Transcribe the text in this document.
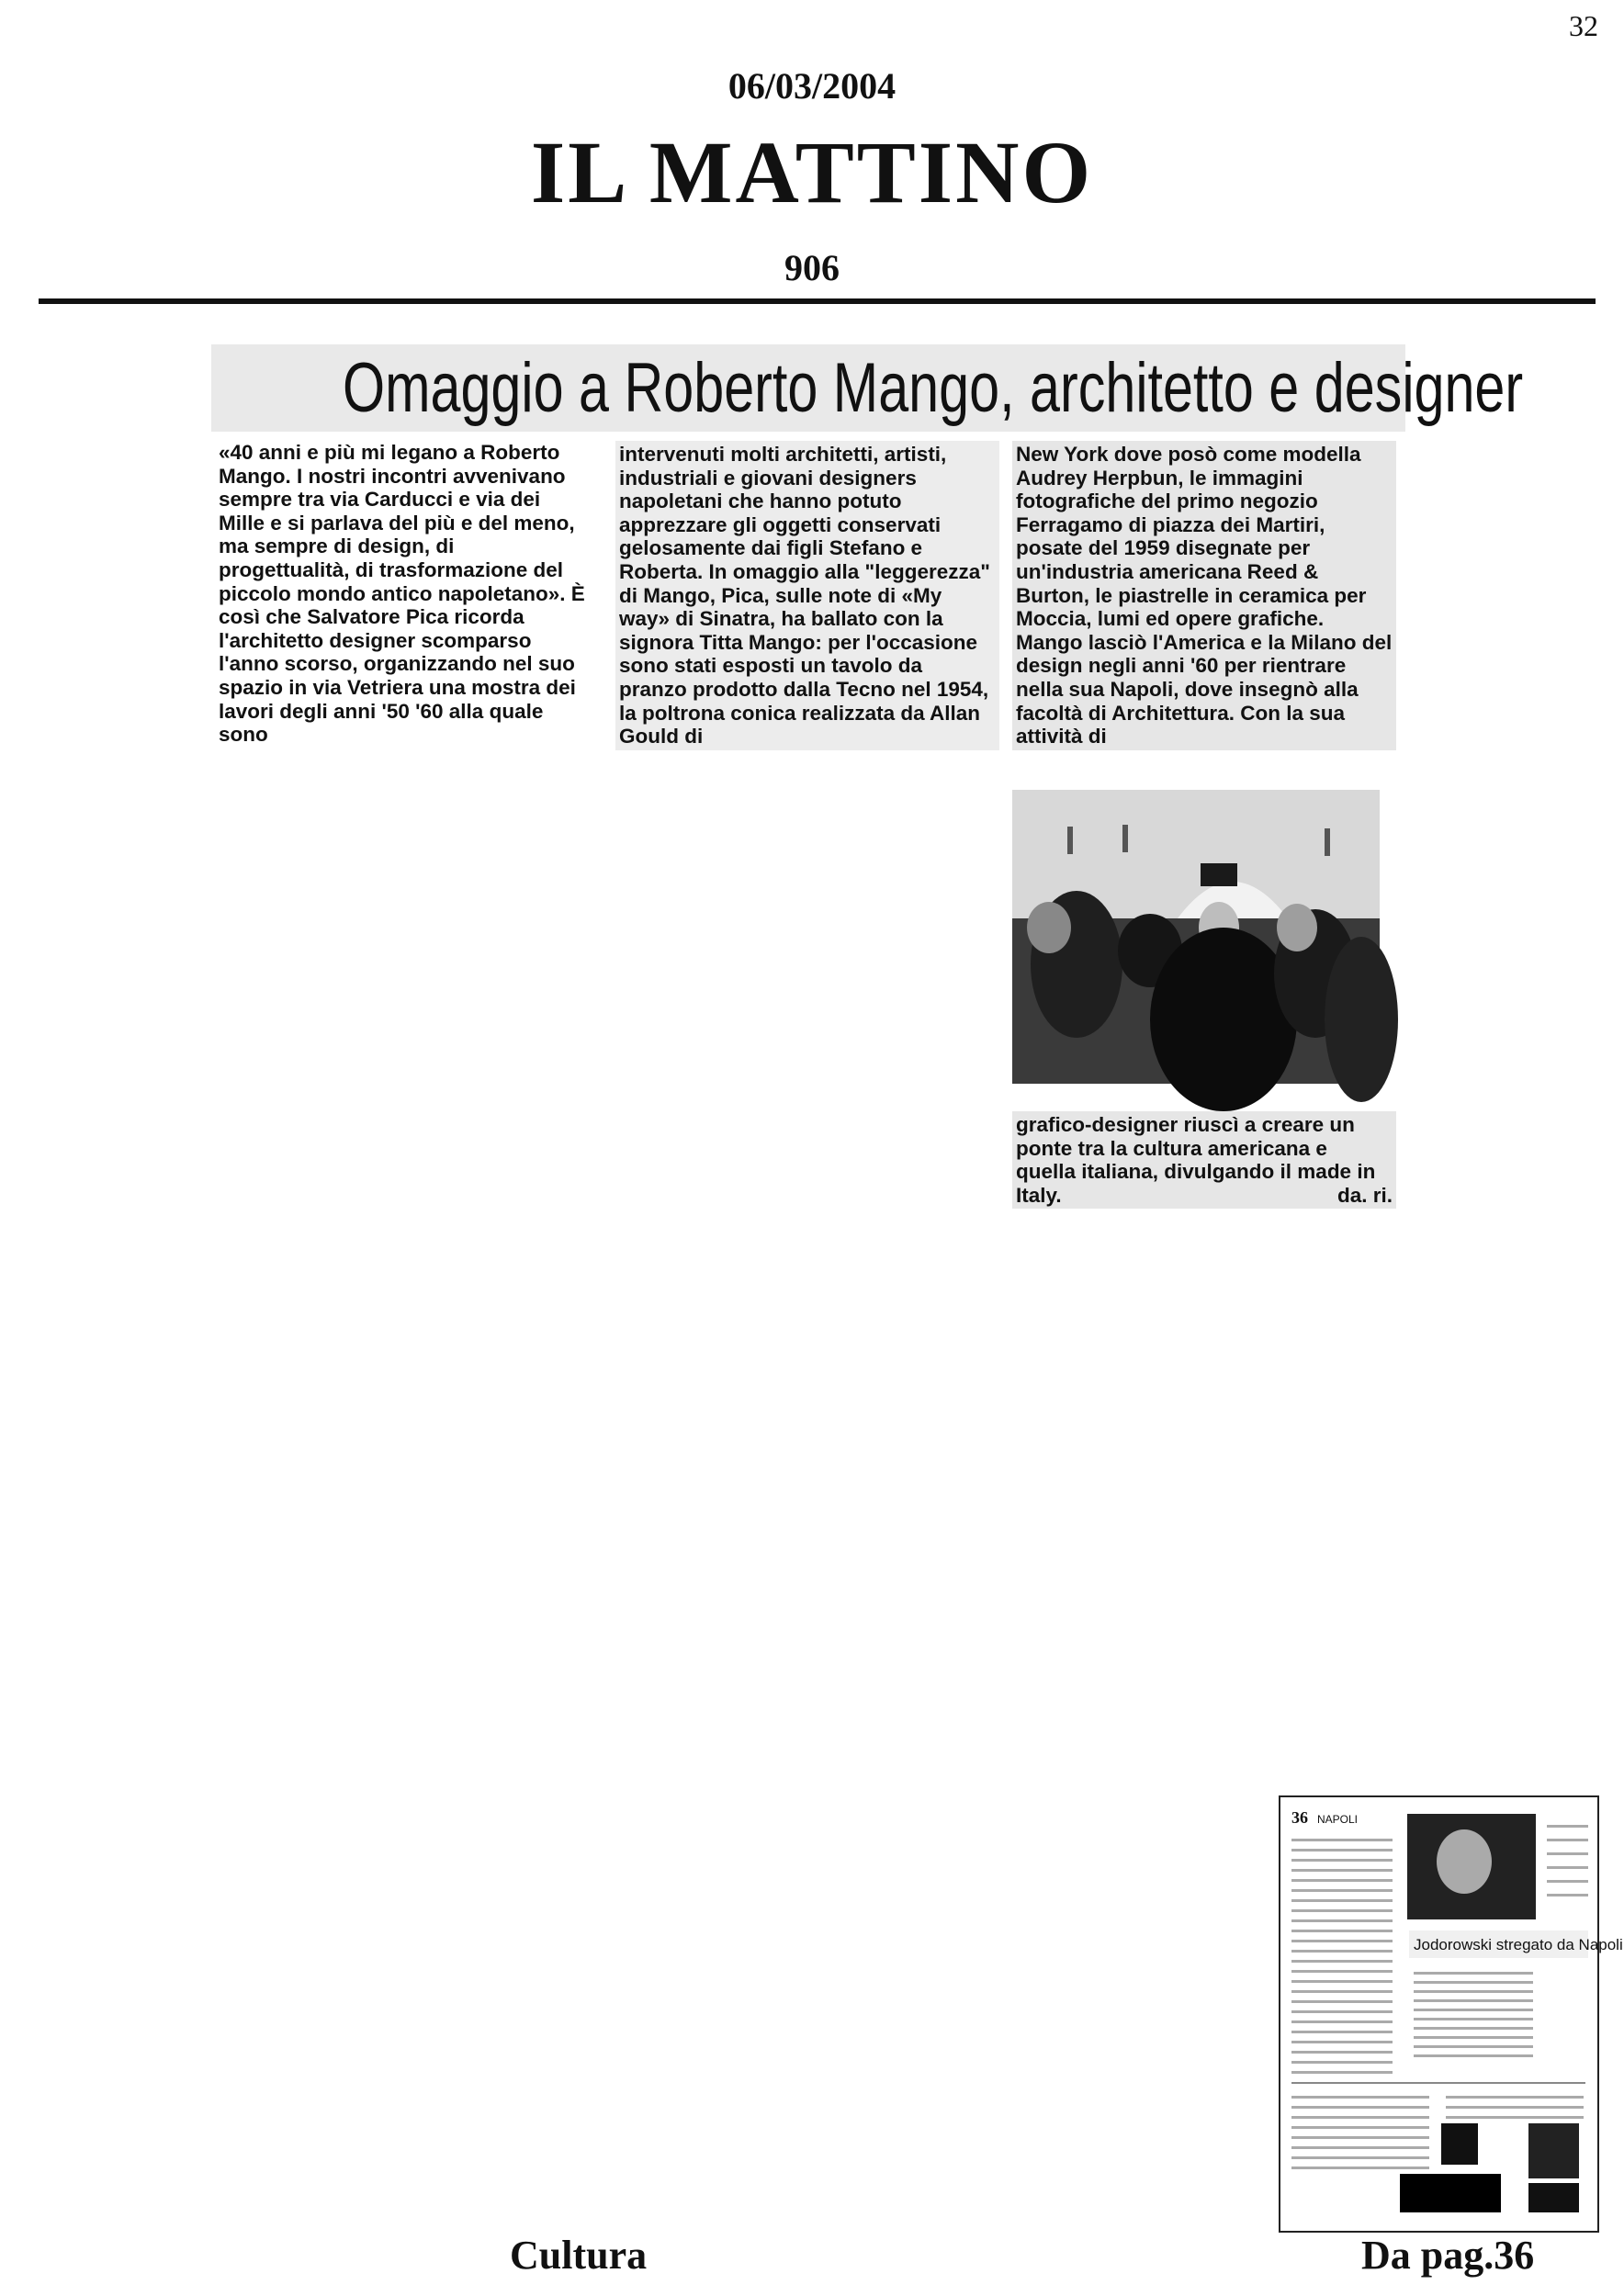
32
06/03/2004
IL MATTINO
906
Omaggio a Roberto Mango, architetto e designer

«40 anni e più mi legano a Roberto Mango. I nostri incontri avvenivano sempre tra via Carducci e via dei Mille e si parlava del più e del meno, ma sempre di design, di progettualità, di trasformazione del piccolo mondo antico napoletano». È così che Salvatore Pica ricorda l'architetto designer scomparso l'anno scorso, organizzando nel suo spazio in via Vetriera una mostra dei lavori degli anni '50 '60 alla quale sono

intervenuti molti architetti, artisti, industriali e giovani designers napoletani che hanno potuto apprezzare gli oggetti conservati gelosamente dai figli Stefano e Roberta. In omaggio alla "leggerezza" di Mango, Pica, sulle note di «My way» di Sinatra, ha ballato con la signora Titta Mango: per l'occasione sono stati esposti un tavolo da pranzo prodotto dalla Tecno nel 1954, la poltrona conica realizzata da Allan Gould di

New York dove posò come modella Audrey Herpbun, le immagini fotografiche del primo negozio Ferragamo di piazza dei Martiri, posate del 1959 disegnate per un'industria americana Reed & Burton, le piastrelle in ceramica per Moccia, lumi ed opere grafiche. Mango lasciò l'America e la Milano del design negli anni '60 per rientrare nella sua Napoli, dove insegnò alla facoltà di Architettura. Con la sua attività di

grafico-designer riuscì a creare un ponte tra la cultura americana e quella italiana, divulgando il made in Italy.	da. ri.

36 NAPOLI
Jodorowski stregato da Napoli
Cultura	Da pag.36
